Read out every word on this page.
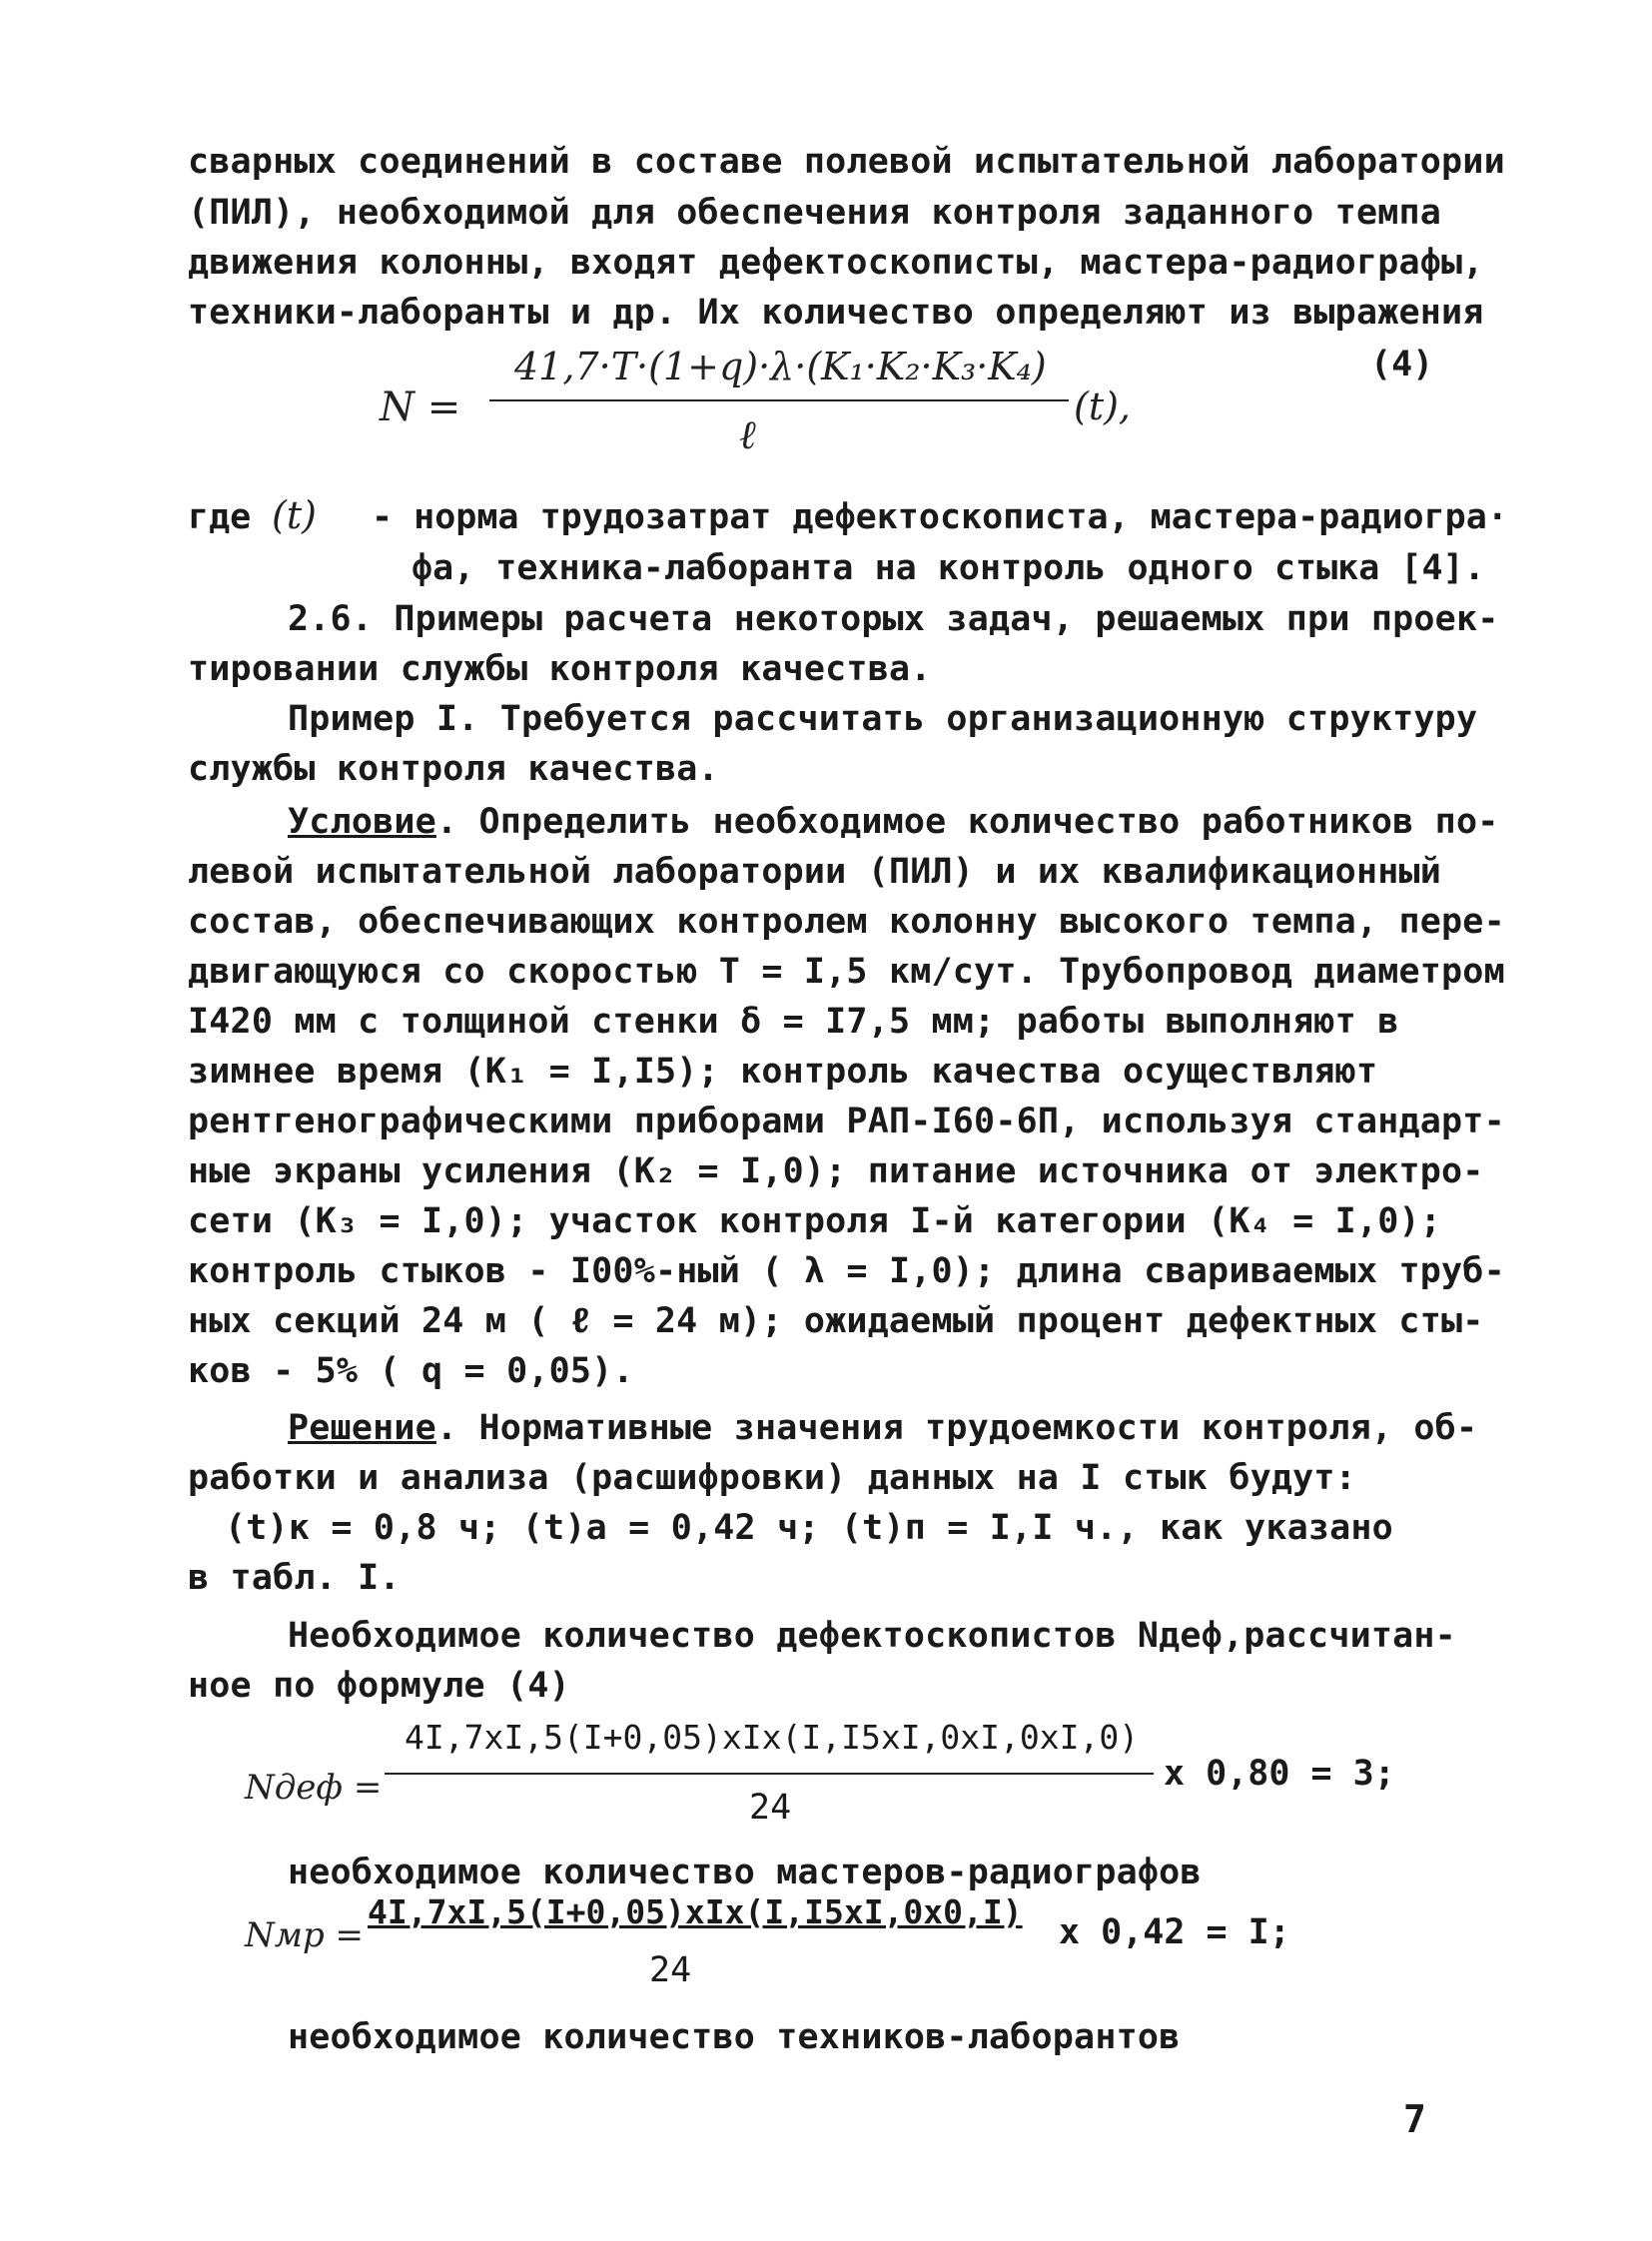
сварных соединений в составе полевой испытательной лаборатории
(ПИЛ), необходимой для обеспечения контроля заданного темпа
движения колонны, входят дефектоскописты, мастера-радиографы,
техники-лаборанты и др. Их количество определяют из выражения
N =
41,7·T·(1+q)·λ·(K₁·K₂·K₃·K₄)
ℓ
(t),
(4)
где (t) - норма трудозатрат дефектоскописта, мастера-радиогра·
фа, техника-лаборанта на контроль одного стыка [4].
2.6. Примеры расчета некоторых задач, решаемых при проек-
тировании службы контроля качества.
Пример I. Требуется рассчитать организационную структуру
службы контроля качества.
Условие. Определить необходимое количество работников по-
левой испытательной лаборатории (ПИЛ) и их квалификационный
состав, обеспечивающих контролем колонну высокого темпа, пере-
двигающуюся со скоростью T = I,5 км/сут. Трубопровод диаметром
I420 мм с толщиной стенки δ = I7,5 мм; работы выполняют в
зимнее время (K₁ = I,I5); контроль качества осуществляют
рентгенографическими приборами РАП-I60-6П, используя стандарт-
ные экраны усиления (K₂ = I,0); питание источника от электро-
сети (K₃ = I,0); участок контроля I-й категории (K₄ = I,0);
контроль стыков - I00%-ный ( λ = I,0); длина свариваемых труб-
ных секций 24 м ( ℓ = 24 м); ожидаемый процент дефектных сты-
ков - 5% ( q = 0,05).
Решение. Нормативные значения трудоемкости контроля, об-
работки и анализа (расшифровки) данных на I стык будут:
(t)к = 0,8 ч; (t)а = 0,42 ч; (t)п = I,I ч., как указано
в табл. I.
Необходимое количество дефектоскопистов Nдеф,рассчитан-
ное по формуле (4)
Nдеф =
4I,7xI,5(I+0,05)xIx(I,I5xI,0xI,0xI,0)
24
x 0,80 = 3;
необходимое количество мастеров-радиографов
Nмр =
4I,7xI,5(I+0,05)xIx(I,I5xI,0x0,I)
24
x 0,42 = I;
необходимое количество техников-лаборантов
7
